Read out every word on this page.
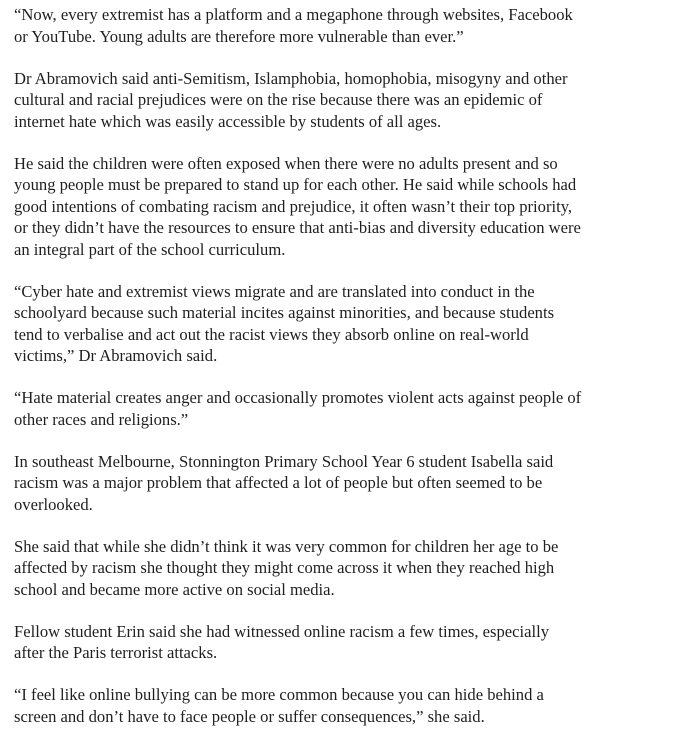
“Now, every extremist has a platform and a megaphone through websites, Facebook
or YouTube. Young adults are therefore more vulnerable than ever.”

Dr Abramovich said anti-Semitism, Islamphobia, homophobia, misogyny and other
cultural and racial prejudices were on the rise because there was an epidemic of
internet hate which was easily accessible by students of all ages.

He said the children were often exposed when there were no adults present and so
young people must be prepared to stand up for each other. He said while schools had
good intentions of combating racism and prejudice, it often wasn’t their top priority,
or they didn’t have the resources to ensure that anti-bias and diversity education were
an integral part of the school curriculum.

“Cyber hate and extremist views migrate and are translated into conduct in the
schoolyard because such material incites against minorities, and because students
tend to verbalise and act out the racist views they absorb online on real-world
victims,” Dr Abramovich said.

“Hate material creates anger and occasionally promotes violent acts against people of
other races and religions.”

In southeast Melbourne, Stonnington Primary School Year 6 student Isabella said
racism was a major problem that affected a lot of people but often seemed to be
overlooked.

She said that while she didn’t think it was very common for children her age to be
affected by racism she thought they might come across it when they reached high
school and became more active on social media.

Fellow student Erin said she had witnessed online racism a few times, especially
after the Paris terrorist attacks.

“I feel like online bullying can be more common because you can hide behind a
screen and don’t have to face people or suffer consequences,” she said.
